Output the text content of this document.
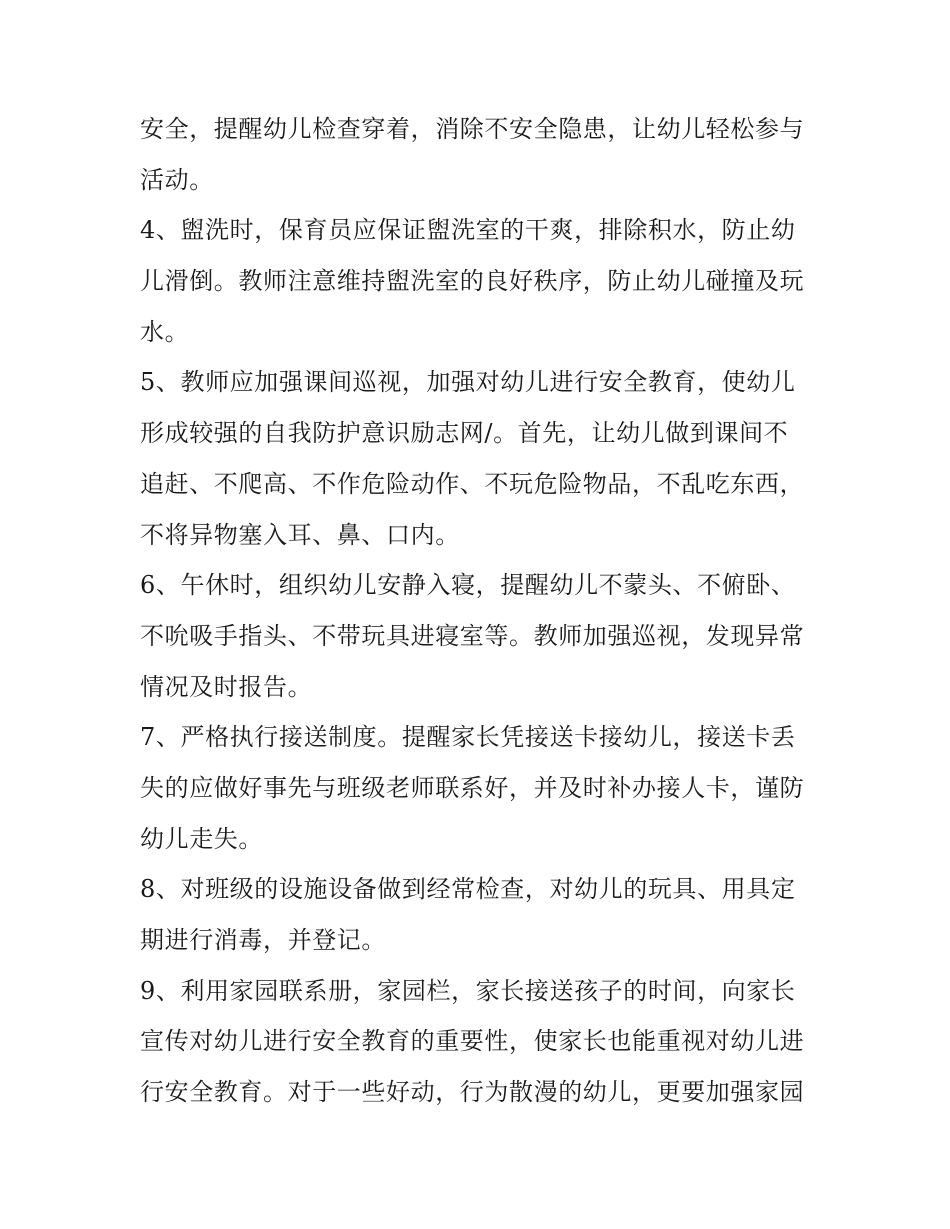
安全，提醒幼儿检查穿着，消除不安全隐患，让幼儿轻松参与
活动。
4、盥洗时，保育员应保证盥洗室的干爽，排除积水，防止幼
儿滑倒。教师注意维持盥洗室的良好秩序，防止幼儿碰撞及玩
水。
5、教师应加强课间巡视，加强对幼儿进行安全教育，使幼儿
形成较强的自我防护意识励志网/。首先，让幼儿做到课间不
追赶、不爬高、不作危险动作、不玩危险物品，不乱吃东西，
不将异物塞入耳、鼻、口内。
6、午休时，组织幼儿安静入寝，提醒幼儿不蒙头、不俯卧、
不吮吸手指头、不带玩具进寝室等。教师加强巡视，发现异常
情况及时报告。
7、严格执行接送制度。提醒家长凭接送卡接幼儿，接送卡丢
失的应做好事先与班级老师联系好，并及时补办接人卡，谨防
幼儿走失。
8、对班级的设施设备做到经常检查，对幼儿的玩具、用具定
期进行消毒，并登记。
9、利用家园联系册，家园栏，家长接送孩子的时间，向家长
宣传对幼儿进行安全教育的重要性，使家长也能重视对幼儿进
行安全教育。对于一些好动，行为散漫的幼儿，更要加强家园
